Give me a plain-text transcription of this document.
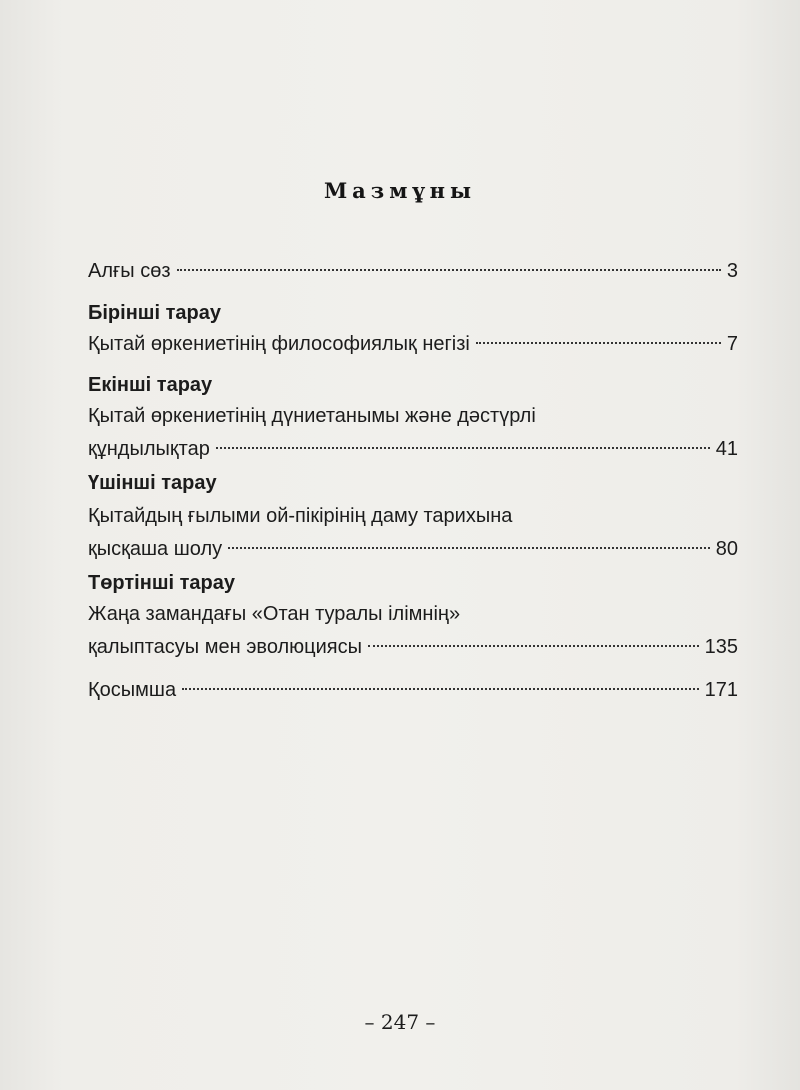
Мазмұны
Алғы сөз	3
Бірінші тарау
Қытай өркениетінің философиялық негізі	7
Екінші тарау
Қытай өркениетінің дүниетанымы және дәстүрлі
құндылықтар	41
Үшінші тарау
Қытайдың ғылыми ой-пікірінің даму тарихына
қысқаша шолу	80
Төртінші тарау
Жаңа замандағы «Отан туралы ілімнің»
қалыптасуы мен эволюциясы	135
Қосымша	171
– 247 –
